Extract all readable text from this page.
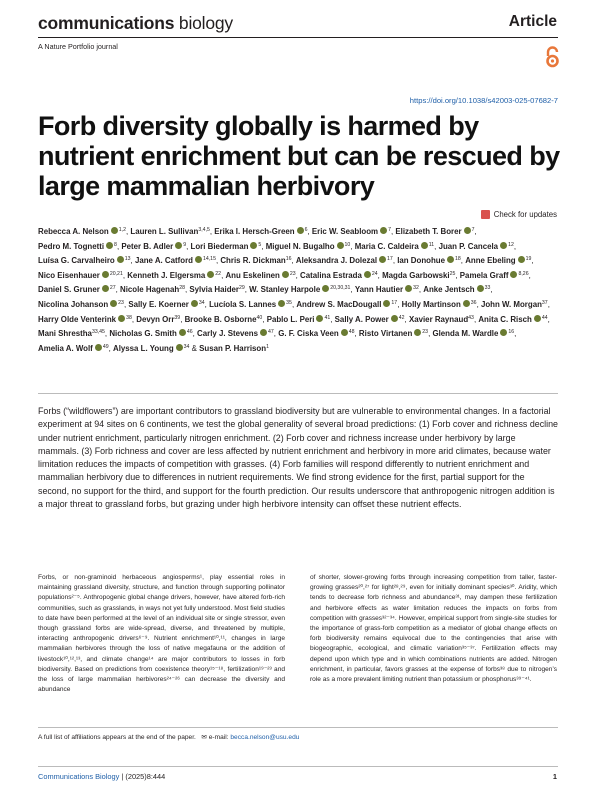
communications biology	Article
A Nature Portfolio journal
https://doi.org/10.1038/s42003-025-07682-7
Forb diversity globally is harmed by nutrient enrichment but can be rescued by large mammalian herbivory
Check for updates
Rebecca A. Nelson $^{1,2}$, Lauren L. Sullivan$^{3,4,5}$, Erika I. Hersch-Green $^6$, Eric W. Seabloom $^7$, Elizabeth T. Borer $^7$, Pedro M. Tognetti $^8$, Peter B. Adler $^9$, Lori Biederman $^5$, Miguel N. Bugalho $^{10}$, Maria C. Caldeira $^{11}$, Juan P. Cancela $^{12}$, Luísa G. Carvalheiro $^{13}$, Jane A. Catford $^{14,15}$, Chris R. Dickman$^{16}$, Aleksandra J. Dolezal $^{17}$, Ian Donohue $^{18}$, Anne Ebeling $^{19}$, Nico Eisenhauer $^{20,21}$, Kenneth J. Elgersma $^{22}$, Anu Eskelinen $^{23}$, Catalina Estrada $^{24}$, Magda Garbowski$^{25}$, Pamela Graff $^{8,26}$, Daniel S. Gruner $^{27}$, Nicole Hagenah$^{28}$, Sylvia Haider$^{29}$, W. Stanley Harpole $^{20,30,31}$, Yann Hautier $^{32}$, Anke Jentsch $^{33}$, Nicolina Johanson $^{23}$, Sally E. Koerner $^{34}$, Lucíola S. Lannes $^{35}$, Andrew S. MacDougall $^{17}$, Holly Martinson $^{36}$, John W. Morgan$^{37}$, Harry Olde Venterink $^{38}$, Devyn Orr$^{39}$, Brooke B. Osborne$^{40}$, Pablo L. Peri $^{41}$, Sally A. Power $^{42}$, Xavier Raynaud$^{43}$, Anita C. Risch $^{44}$, Mani Shrestha$^{33,45}$, Nicholas G. Smith $^{46}$, Carly J. Stevens $^{47}$, G. F. Ciska Veen $^{48}$, Risto Virtanen $^{23}$, Glenda M. Wardle $^{16}$, Amelia A. Wolf $^{49}$, Alyssa L. Young $^{34}$ & Susan P. Harrison$^1$
Forbs (“wildflowers”) are important contributors to grassland biodiversity but are vulnerable to environmental changes. In a factorial experiment at 94 sites on 6 continents, we test the global generality of several broad predictions: (1) Forb cover and richness decline under nutrient enrichment, particularly nitrogen enrichment. (2) Forb cover and richness increase under herbivory by large mammals. (3) Forb richness and cover are less affected by nutrient enrichment and herbivory in more arid climates, because water limitation reduces the impacts of competition with grasses. (4) Forb families will respond differently to nutrient enrichment and mammalian herbivory due to differences in nutrient requirements. We find strong evidence for the first, partial support for the second, no support for the third, and support for the fourth prediction. Our results underscore that anthropogenic nitrogen addition is a major threat to grassland forbs, but grazing under high herbivore intensity can offset these nutrient effects.
Forbs, or non-graminoid herbaceous angiosperms¹, play essential roles in maintaining grassland diversity, structure, and function through supporting pollinator populations²⁻⁵. Anthropogenic global change drivers, however, have altered forb-rich communities, such as grasslands, in ways not yet fully understood. Most field studies to date have been performed at the level of an individual site or single stressor, even though grassland forbs are wide-spread, diverse, and threatened by multiple, interacting anthropogenic drivers⁶⁻⁹. Nutrient enrichment¹⁰,¹¹, changes in large mammalian herbivores through the loss of native megafauna or the addition of livestock¹⁰,¹²,¹³, and climate change¹⁴ are major contributors to losses in forb biodiversity. Based on predictions from coexistence theory¹⁵⁻¹⁸, fertilization¹⁹⁻²³ and the loss of large mammalian herbivores²⁴⁻²⁶ can decrease the diversity and abundance
of shorter, slower-growing forbs through increasing competition from taller, faster-growing grasses²⁰,²⁷ for light²⁸,²⁹, even for initially dominant species³⁰. Aridity, which tends to decrease forb richness and abundance³¹, may dampen these fertilization and herbivore effects as water limitation reduces the impacts on forbs from competition with grasses³²⁻³⁴. However, empirical support from single-site studies for the importance of grass-forb competition as a mediator of global change effects on forb biodiversity remains equivocal due to the contingencies that arise with biogeographic, ecological, and climatic variation³⁵⁻³⁷. Fertilization effects may depend upon which type and in which combinations nutrients are added. Nitrogen enrichment, in particular, favors grasses at the expense of forbs³⁸ due to nitrogen’s role as a more prevalent limiting nutrient than potassium or phosphorus³⁹⁻⁴¹.
A full list of affiliations appears at the end of the paper. ✉ e-mail: becca.nelson@usu.edu
Communications Biology | (2025)8:444	1
